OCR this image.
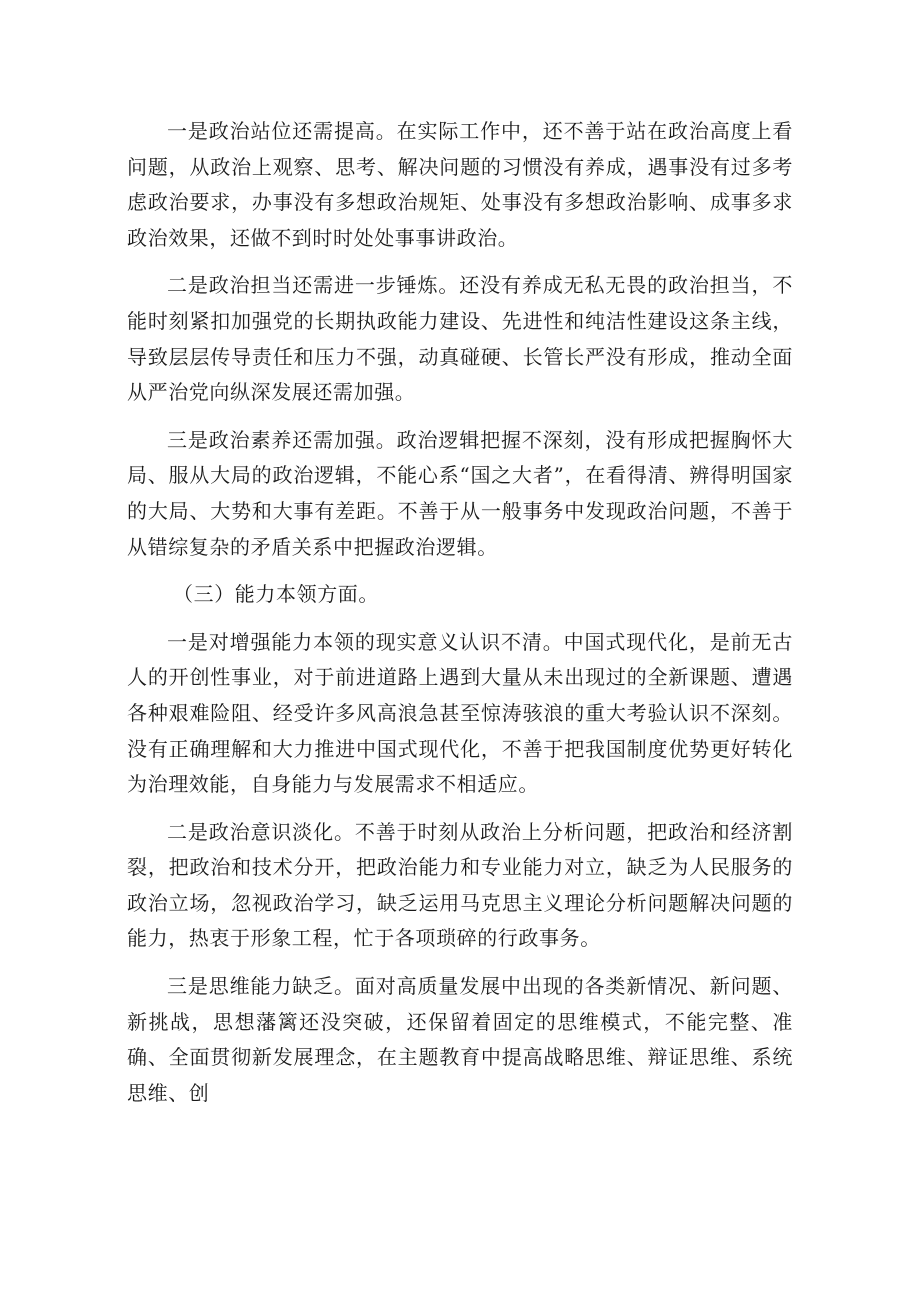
一是政治站位还需提高。在实际工作中，还不善于站在政治高度上看问题，从政治上观察、思考、解决问题的习惯没有养成，遇事没有过多考虑政治要求，办事没有多想政治规矩、处事没有多想政治影响、成事多求政治效果，还做不到时时处处事事讲政治。

二是政治担当还需进一步锤炼。还没有养成无私无畏的政治担当，不能时刻紧扣加强党的长期执政能力建设、先进性和纯洁性建设这条主线，导致层层传导责任和压力不强，动真碰硬、长管长严没有形成，推动全面从严治党向纵深发展还需加强。

三是政治素养还需加强。政治逻辑把握不深刻，没有形成把握胸怀大局、服从大局的政治逻辑，不能心系“国之大者”，在看得清、辨得明国家的大局、大势和大事有差距。不善于从一般事务中发现政治问题，不善于从错综复杂的矛盾关系中把握政治逻辑。

（三）能力本领方面。

一是对增强能力本领的现实意义认识不清。中国式现代化，是前无古人的开创性事业，对于前进道路上遇到大量从未出现过的全新课题、遭遇各种艰难险阻、经受许多风高浪急甚至惊涛骇浪的重大考验认识不深刻。没有正确理解和大力推进中国式现代化，不善于把我国制度优势更好转化为治理效能，自身能力与发展需求不相适应。

二是政治意识淡化。不善于时刻从政治上分析问题，把政治和经济割裂，把政治和技术分开，把政治能力和专业能力对立，缺乏为人民服务的政治立场，忽视政治学习，缺乏运用马克思主义理论分析问题解决问题的能力，热衷于形象工程，忙于各项琐碎的行政事务。

三是思维能力缺乏。面对高质量发展中出现的各类新情况、新问题、新挑战，思想藩篱还没突破，还保留着固定的思维模式，不能完整、准确、全面贯彻新发展理念，在主题教育中提高战略思维、辩证思维、系统思维、创
